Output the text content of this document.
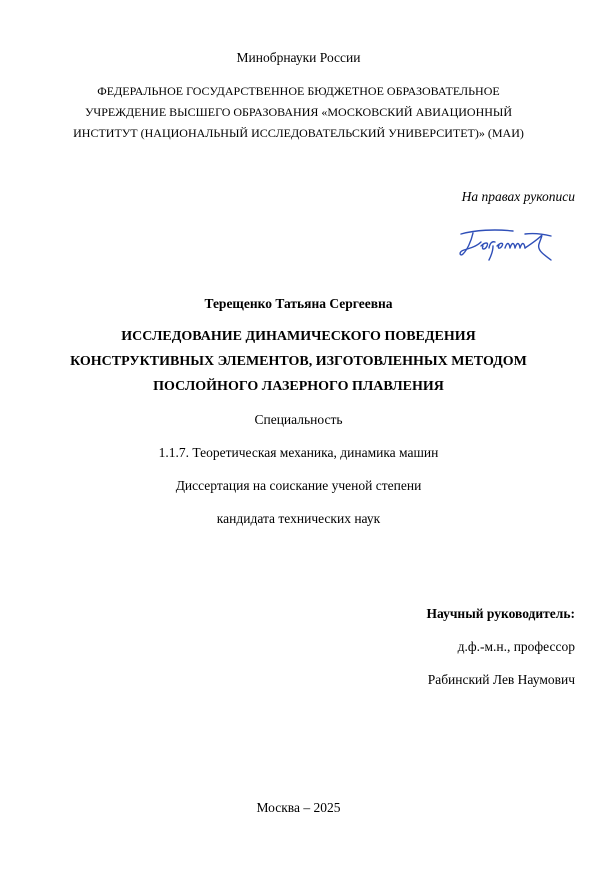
Минобрнауки России
ФЕДЕРАЛЬНОЕ ГОСУДАРСТВЕННОЕ БЮДЖЕТНОЕ ОБРАЗОВАТЕЛЬНОЕ
УЧРЕЖДЕНИЕ ВЫСШЕГО ОБРАЗОВАНИЯ «МОСКОВСКИЙ АВИАЦИОННЫЙ
ИНСТИТУТ (НАЦИОНАЛЬНЫЙ ИССЛЕДОВАТЕЛЬСКИЙ УНИВЕРСИТЕТ)» (МАИ)
На правах рукописи
Терещенко Татьяна Сергеевна
ИССЛЕДОВАНИЕ ДИНАМИЧЕСКОГО ПОВЕДЕНИЯ
КОНСТРУКТИВНЫХ ЭЛЕМЕНТОВ, ИЗГОТОВЛЕННЫХ МЕТОДОМ
ПОСЛОЙНОГО ЛАЗЕРНОГО ПЛАВЛЕНИЯ
Специальность
1.1.7. Теоретическая механика, динамика машин
Диссертация на соискание ученой степени
кандидата технических наук
Научный руководитель:
д.ф.-м.н., профессор
Рабинский Лев Наумович
Москва – 2025
